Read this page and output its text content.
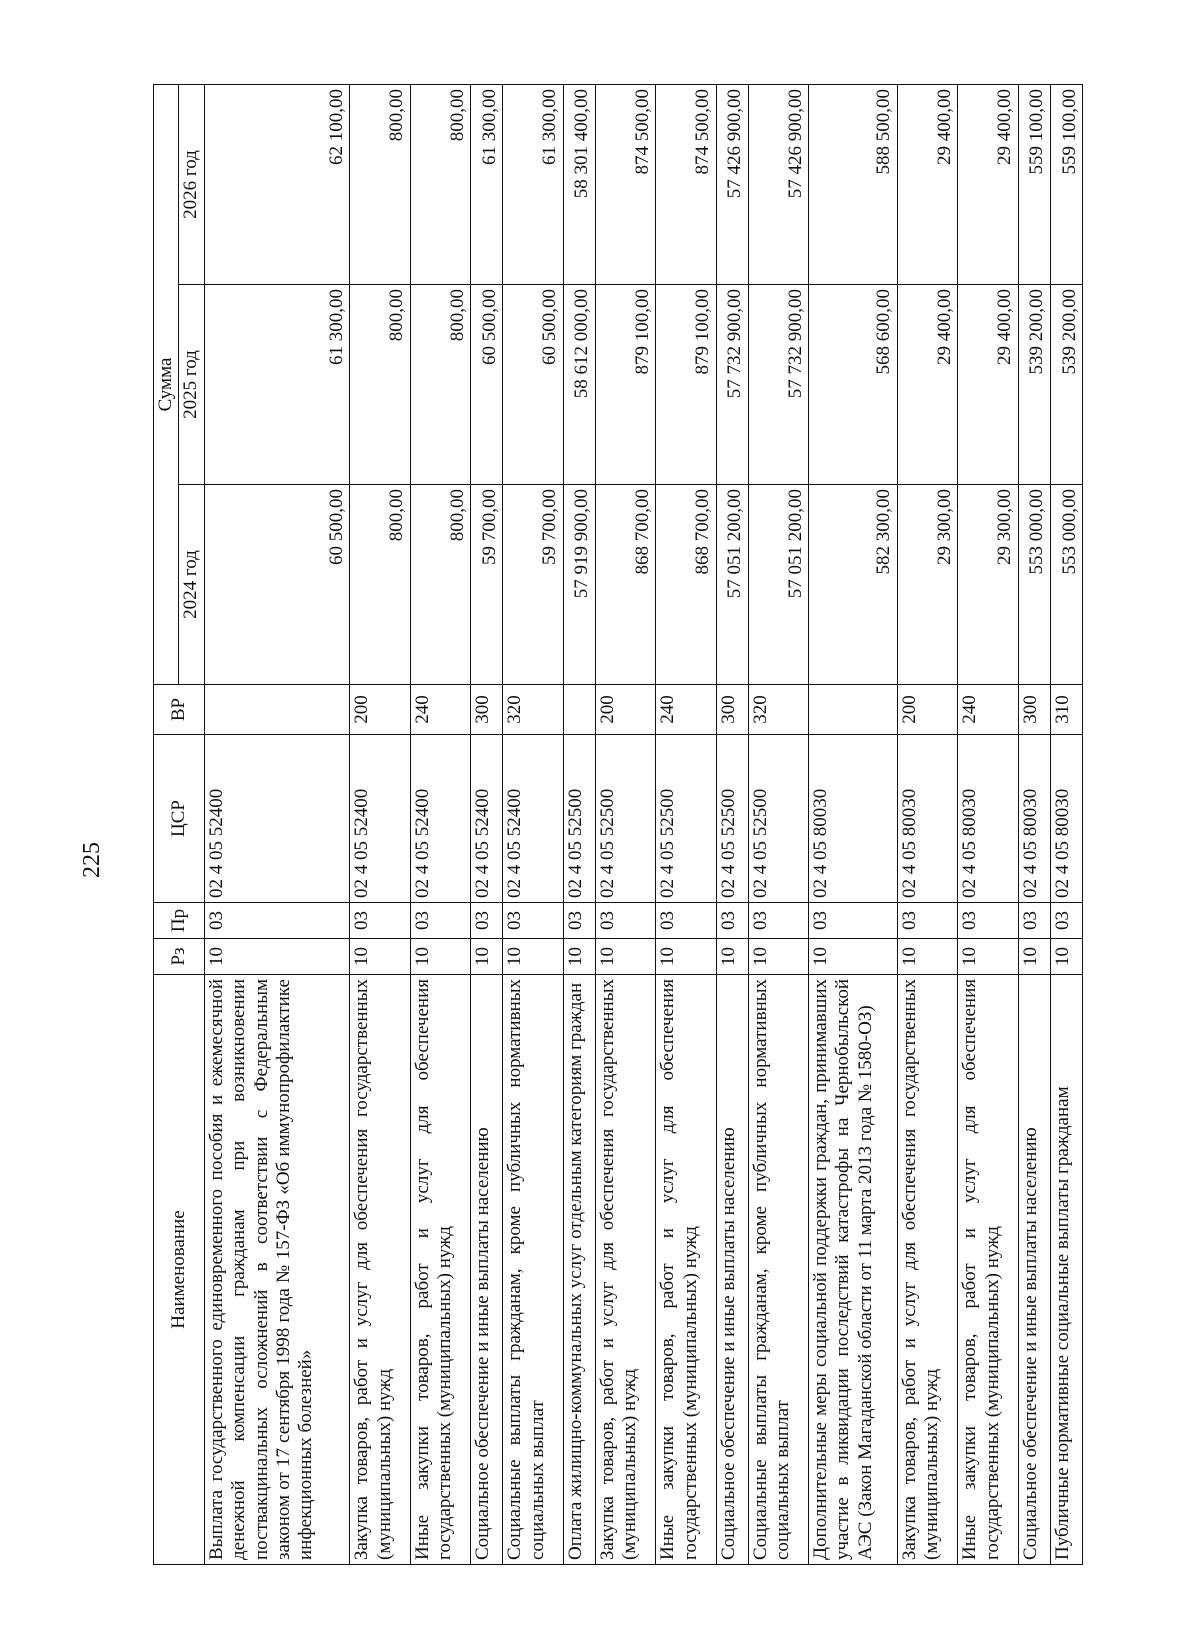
225
Наименование	Рз	Пр	ЦСР	ВР	Сумма		
					2024 год	2025 год	2026 год
Выплата государственного единовременного пособия и ежемесячной денежной компенсации гражданам при возникновении поствакцинальных осложнений в соответствии с Федеральным законом от 17 сентября 1998 года № 157-ФЗ «Об иммунопрофилактике инфекционных болезней»	10	03	02 4 05 52400		60 500,00	61 300,00	62 100,00
Закупка товаров, работ и услуг для обеспечения государственных (муниципальных) нужд	10	03	02 4 05 52400	200	800,00	800,00	800,00
Иные закупки товаров, работ и услуг для обеспечения государственных (муниципальных) нужд	10	03	02 4 05 52400	240	800,00	800,00	800,00
Социальное обеспечение и иные выплаты населению	10	03	02 4 05 52400	300	59 700,00	60 500,00	61 300,00
Социальные выплаты гражданам, кроме публичных нормативных социальных выплат	10	03	02 4 05 52400	320	59 700,00	60 500,00	61 300,00
Оплата жилищно-коммунальных услуг отдельным категориям граждан	10	03	02 4 05 52500		57 919 900,00	58 612 000,00	58 301 400,00
Закупка товаров, работ и услуг для обеспечения государственных (муниципальных) нужд	10	03	02 4 05 52500	200	868 700,00	879 100,00	874 500,00
Иные закупки товаров, работ и услуг для обеспечения государственных (муниципальных) нужд	10	03	02 4 05 52500	240	868 700,00	879 100,00	874 500,00
Социальное обеспечение и иные выплаты населению	10	03	02 4 05 52500	300	57 051 200,00	57 732 900,00	57 426 900,00
Социальные выплаты гражданам, кроме публичных нормативных социальных выплат	10	03	02 4 05 52500	320	57 051 200,00	57 732 900,00	57 426 900,00
Дополнительные меры социальной поддержки граждан, принимавших участие в ликвидации последствий катастрофы на Чернобыльской АЭС (Закон Магаданской области от 11 марта 2013 года № 1580-ОЗ)	10	03	02 4 05 80030		582 300,00	568 600,00	588 500,00
Закупка товаров, работ и услуг для обеспечения государственных (муниципальных) нужд	10	03	02 4 05 80030	200	29 300,00	29 400,00	29 400,00
Иные закупки товаров, работ и услуг для обеспечения государственных (муниципальных) нужд	10	03	02 4 05 80030	240	29 300,00	29 400,00	29 400,00
Социальное обеспечение и иные выплаты населению	10	03	02 4 05 80030	300	553 000,00	539 200,00	559 100,00
Публичные нормативные социальные выплаты гражданам	10	03	02 4 05 80030	310	553 000,00	539 200,00	559 100,00
